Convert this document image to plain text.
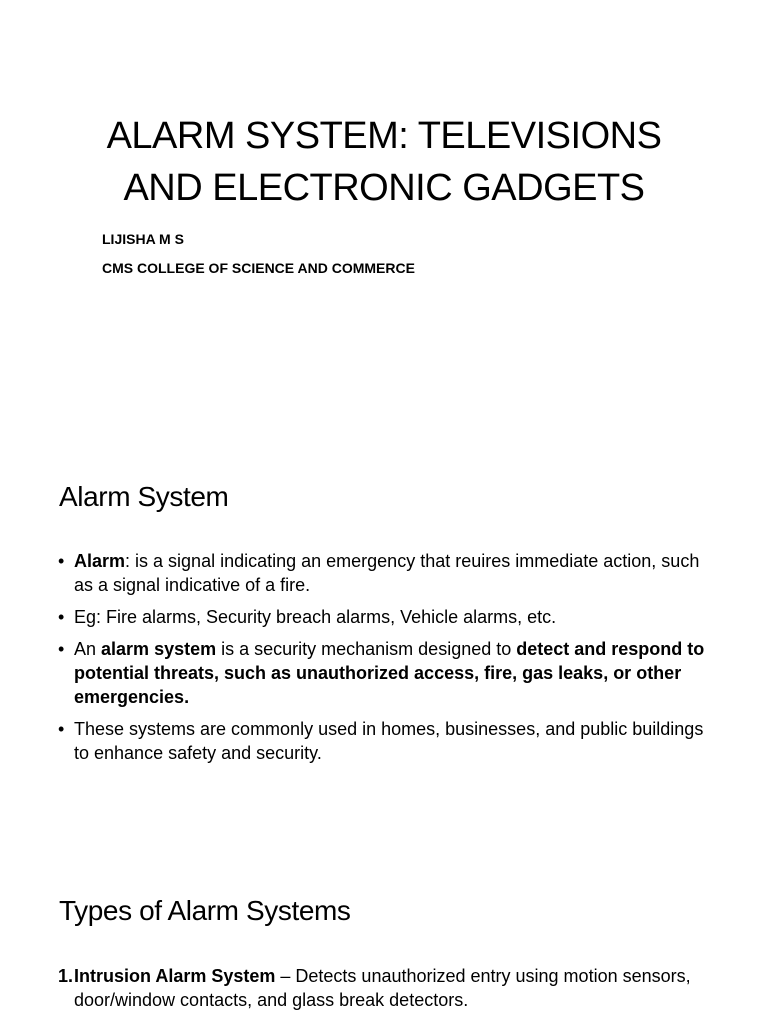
ALARM SYSTEM: TELEVISIONS
AND ELECTRONIC GADGETS
LIJISHA M S
CMS COLLEGE OF SCIENCE AND COMMERCE
Alarm System
• Alarm: is a signal indicating an emergency that reuires immediate action, such as a signal indicative of a fire.
• Eg: Fire alarms, Security breach alarms, Vehicle alarms, etc.
• An alarm system is a security mechanism designed to detect and respond to potential threats, such as unauthorized access, fire, gas leaks, or other emergencies.
• These systems are commonly used in homes, businesses, and public buildings to enhance safety and security.
Types of Alarm Systems
1. Intrusion Alarm System – Detects unauthorized entry using motion sensors, door/window contacts, and glass break detectors.
